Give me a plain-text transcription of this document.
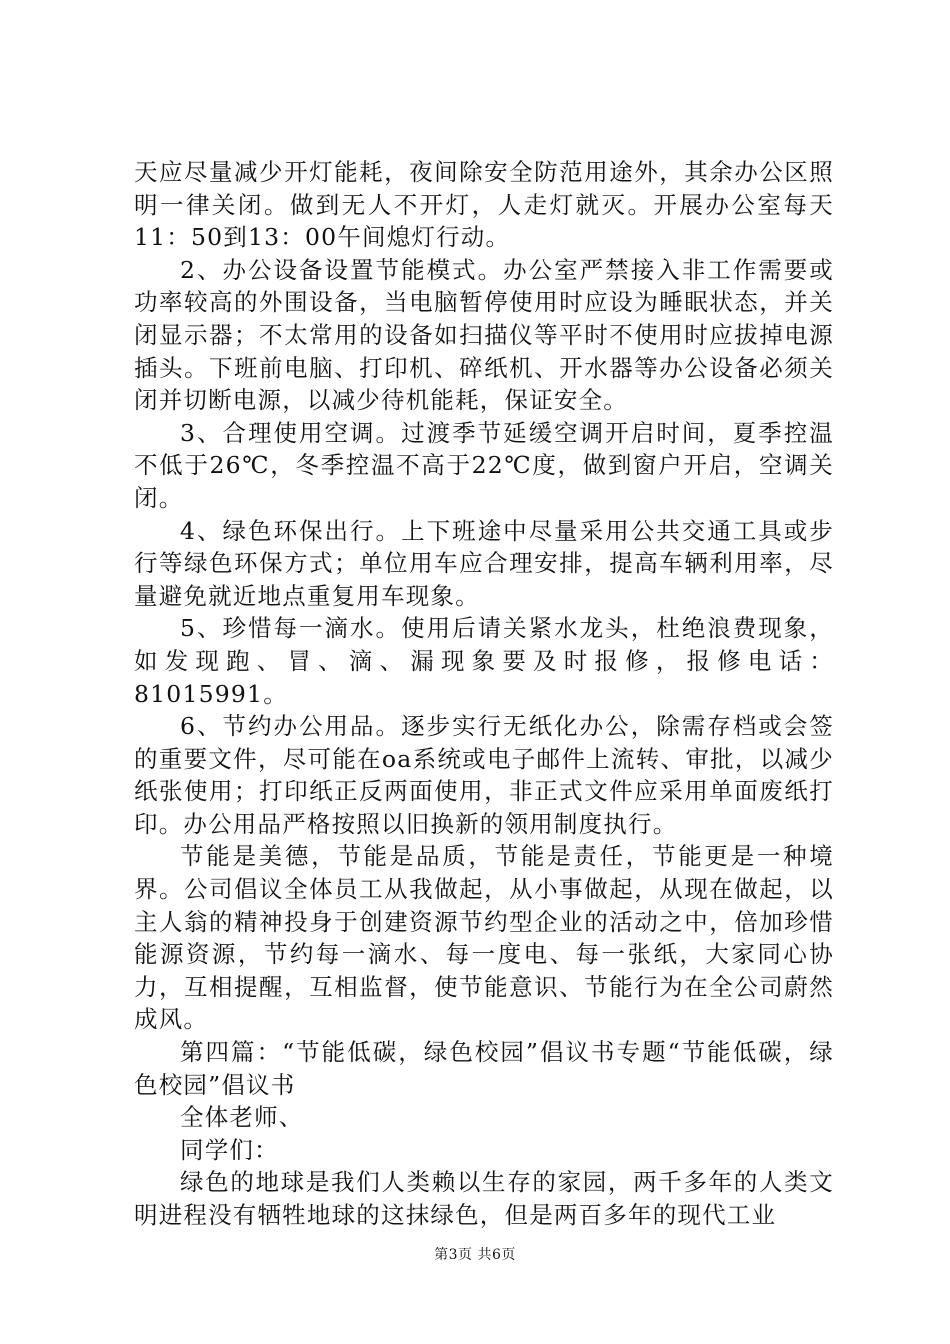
天应尽量减少开灯能耗，夜间除安全防范用途外，其余办公区照明一律关闭。做到无人不开灯，人走灯就灭。开展办公室每天11：50到13：00午间熄灯行动。

2、办公设备设置节能模式。办公室严禁接入非工作需要或功率较高的外围设备，当电脑暂停使用时应设为睡眠状态，并关闭显示器；不太常用的设备如扫描仪等平时不使用时应拔掉电源插头。下班前电脑、打印机、碎纸机、开水器等办公设备必须关闭并切断电源，以减少待机能耗，保证安全。

3、合理使用空调。过渡季节延缓空调开启时间，夏季控温不低于26℃，冬季控温不高于22℃度，做到窗户开启，空调关闭。

4、绿色环保出行。上下班途中尽量采用公共交通工具或步行等绿色环保方式；单位用车应合理安排，提高车辆利用率，尽量避免就近地点重复用车现象。

5、珍惜每一滴水。使用后请关紧水龙头，杜绝浪费现象，如发现跑、冒、滴、漏现象要及时报修，报修电话：81015991。

6、节约办公用品。逐步实行无纸化办公，除需存档或会签的重要文件，尽可能在oa系统或电子邮件上流转、审批，以减少纸张使用；打印纸正反两面使用，非正式文件应采用单面废纸打印。办公用品严格按照以旧换新的领用制度执行。

节能是美德，节能是品质，节能是责任，节能更是一种境界。公司倡议全体员工从我做起，从小事做起，从现在做起，以主人翁的精神投身于创建资源节约型企业的活动之中，倍加珍惜能源资源，节约每一滴水、每一度电、每一张纸，大家同心协力，互相提醒，互相监督，使节能意识、节能行为在全公司蔚然成风。

第四篇：“节能低碳，绿色校园”倡议书专题“节能低碳，绿色校园”倡议书

全体老师、

同学们：

绿色的地球是我们人类赖以生存的家园，两千多年的人类文明进程没有牺牲地球的这抹绿色，但是两百多年的现代工业

第3页 共6页
